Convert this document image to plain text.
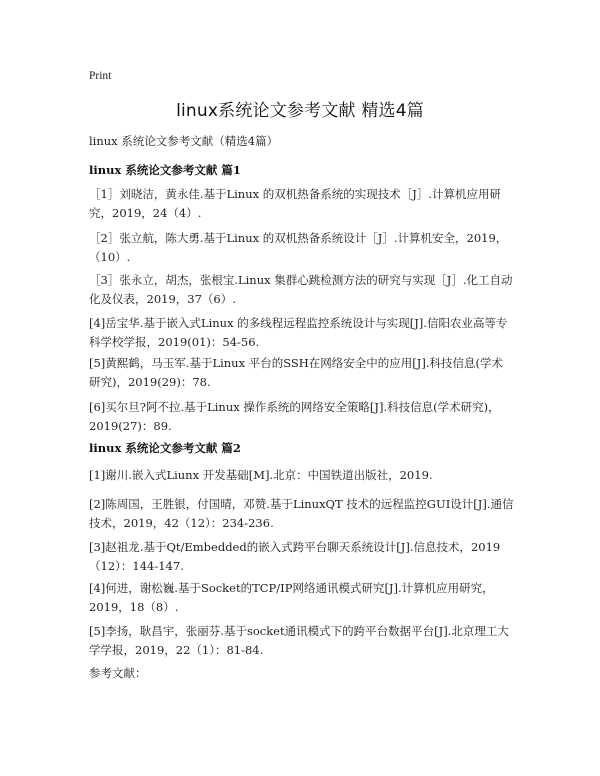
Print
linux系统论文参考文献 精选4篇
linux 系统论文参考文献（精选4篇）
linux 系统论文参考文献 篇1
［1］刘晓洁，黄永佳.基于Linux 的双机热备系统的实现技术［J］.计算机应用研究，2019，24（4）.
［2］张立航，陈大勇.基于Linux 的双机热备系统设计［J］.计算机安全，2019，（10）.
［3］张永立，胡杰，张根宝.Linux 集群心跳检测方法的研究与实现［J］.化工自动化及仪表，2019，37（6）.
[4]岳宝华.基于嵌入式Linux 的多线程远程监控系统设计与实现[J].信阳农业高等专科学校学报，2019(01)：54-56.
[5]黄熙鹤，马玉军.基于Linux 平台的SSH在网络安全中的应用[J].科技信息(学术研究)，2019(29)：78.
[6]买尔旦?阿不拉.基于Linux 操作系统的网络安全策略[J].科技信息(学术研究)，2019(27)：89.
linux 系统论文参考文献 篇2
[1]谢川.嵌入式Liunx 开发基础[M].北京：中国铁道出版社，2019.
[2]陈周国，王胜银，付国晴，邓赞.基于LinuxQT 技术的远程监控GUI设计[J].通信技术，2019，42（12）：234-236.
[3]赵祖龙.基于Qt/Embedded的嵌入式跨平台聊天系统设计[J].信息技术，2019（12）：144-147.
[4]何进，谢松巍.基于Socket的TCP/IP网络通讯模式研究[J].计算机应用研究，2019，18（8）.
[5]李扬，耿昌宇，张丽芬.基于socket通讯模式下的跨平台数据平台[J].北京理工大学学报，2019，22（1）：81-84.
参考文献：
